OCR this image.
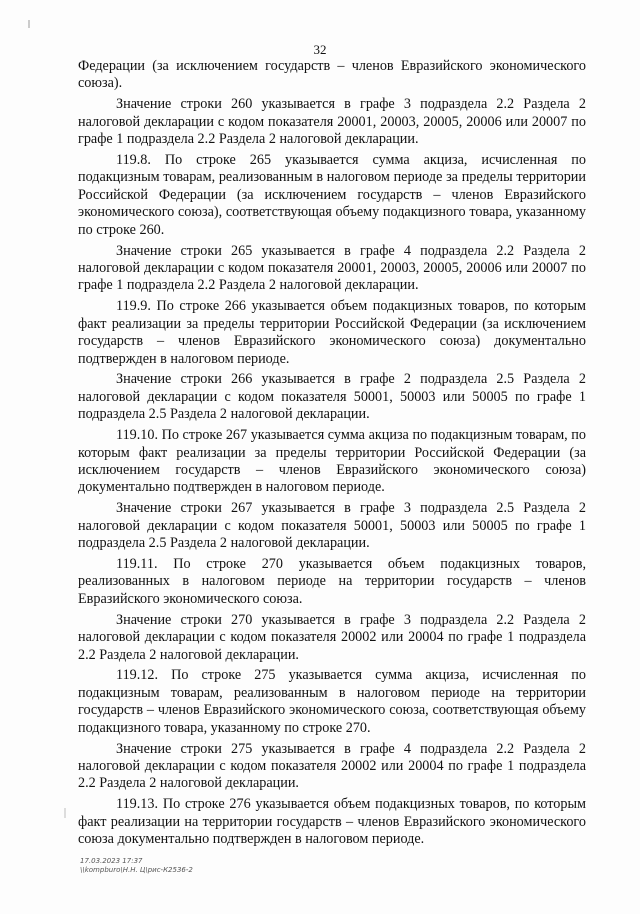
32

Федерации (за исключением государств – членов Евразийского экономического союза).

Значение строки 260 указывается в графе 3 подраздела 2.2 Раздела 2 налоговой декларации с кодом показателя 20001, 20003, 20005, 20006 или 20007 по графе 1 подраздела 2.2 Раздела 2 налоговой декларации.

119.8. По строке 265 указывается сумма акциза, исчисленная по подакцизным товарам, реализованным в налоговом периоде за пределы территории Российской Федерации (за исключением государств – членов Евразийского экономического союза), соответствующая объему подакцизного товара, указанному по строке 260.

Значение строки 265 указывается в графе 4 подраздела 2.2 Раздела 2 налоговой декларации с кодом показателя 20001, 20003, 20005, 20006 или 20007 по графе 1 подраздела 2.2 Раздела 2 налоговой декларации.

119.9. По строке 266 указывается объем подакцизных товаров, по которым факт реализации за пределы территории Российской Федерации (за исключением государств – членов Евразийского экономического союза) документально подтвержден в налоговом периоде.

Значение строки 266 указывается в графе 2 подраздела 2.5 Раздела 2 налоговой декларации с кодом показателя 50001, 50003 или 50005 по графе 1 подраздела 2.5 Раздела 2 налоговой декларации.

119.10. По строке 267 указывается сумма акциза по подакцизным товарам, по которым факт реализации за пределы территории Российской Федерации (за исключением государств – членов Евразийского экономического союза) документально подтвержден в налоговом периоде.

Значение строки 267 указывается в графе 3 подраздела 2.5 Раздела 2 налоговой декларации с кодом показателя 50001, 50003 или 50005 по графе 1 подраздела 2.5 Раздела 2 налоговой декларации.

119.11. По строке 270 указывается объем подакцизных товаров, реализованных в налоговом периоде на территории государств – членов Евразийского экономического союза.

Значение строки 270 указывается в графе 3 подраздела 2.2 Раздела 2 налоговой декларации с кодом показателя 20002 или 20004 по графе 1 подраздела 2.2 Раздела 2 налоговой декларации.

119.12. По строке 275 указывается сумма акциза, исчисленная по подакцизным товарам, реализованным в налоговом периоде на территории государств – членов Евразийского экономического союза, соответствующая объему подакцизного товара, указанному по строке 270.

Значение строки 275 указывается в графе 4 подраздела 2.2 Раздела 2 налоговой декларации с кодом показателя 20002 или 20004 по графе 1 подраздела 2.2 Раздела 2 налоговой декларации.

119.13. По строке 276 указывается объем подакцизных товаров, по которым факт реализации на территории государств – членов Евразийского экономического союза документально подтвержден в налоговом периоде.

17.03.2023 17:37
\\kompburo\Н.Н. Ц\рис-К2536-2
